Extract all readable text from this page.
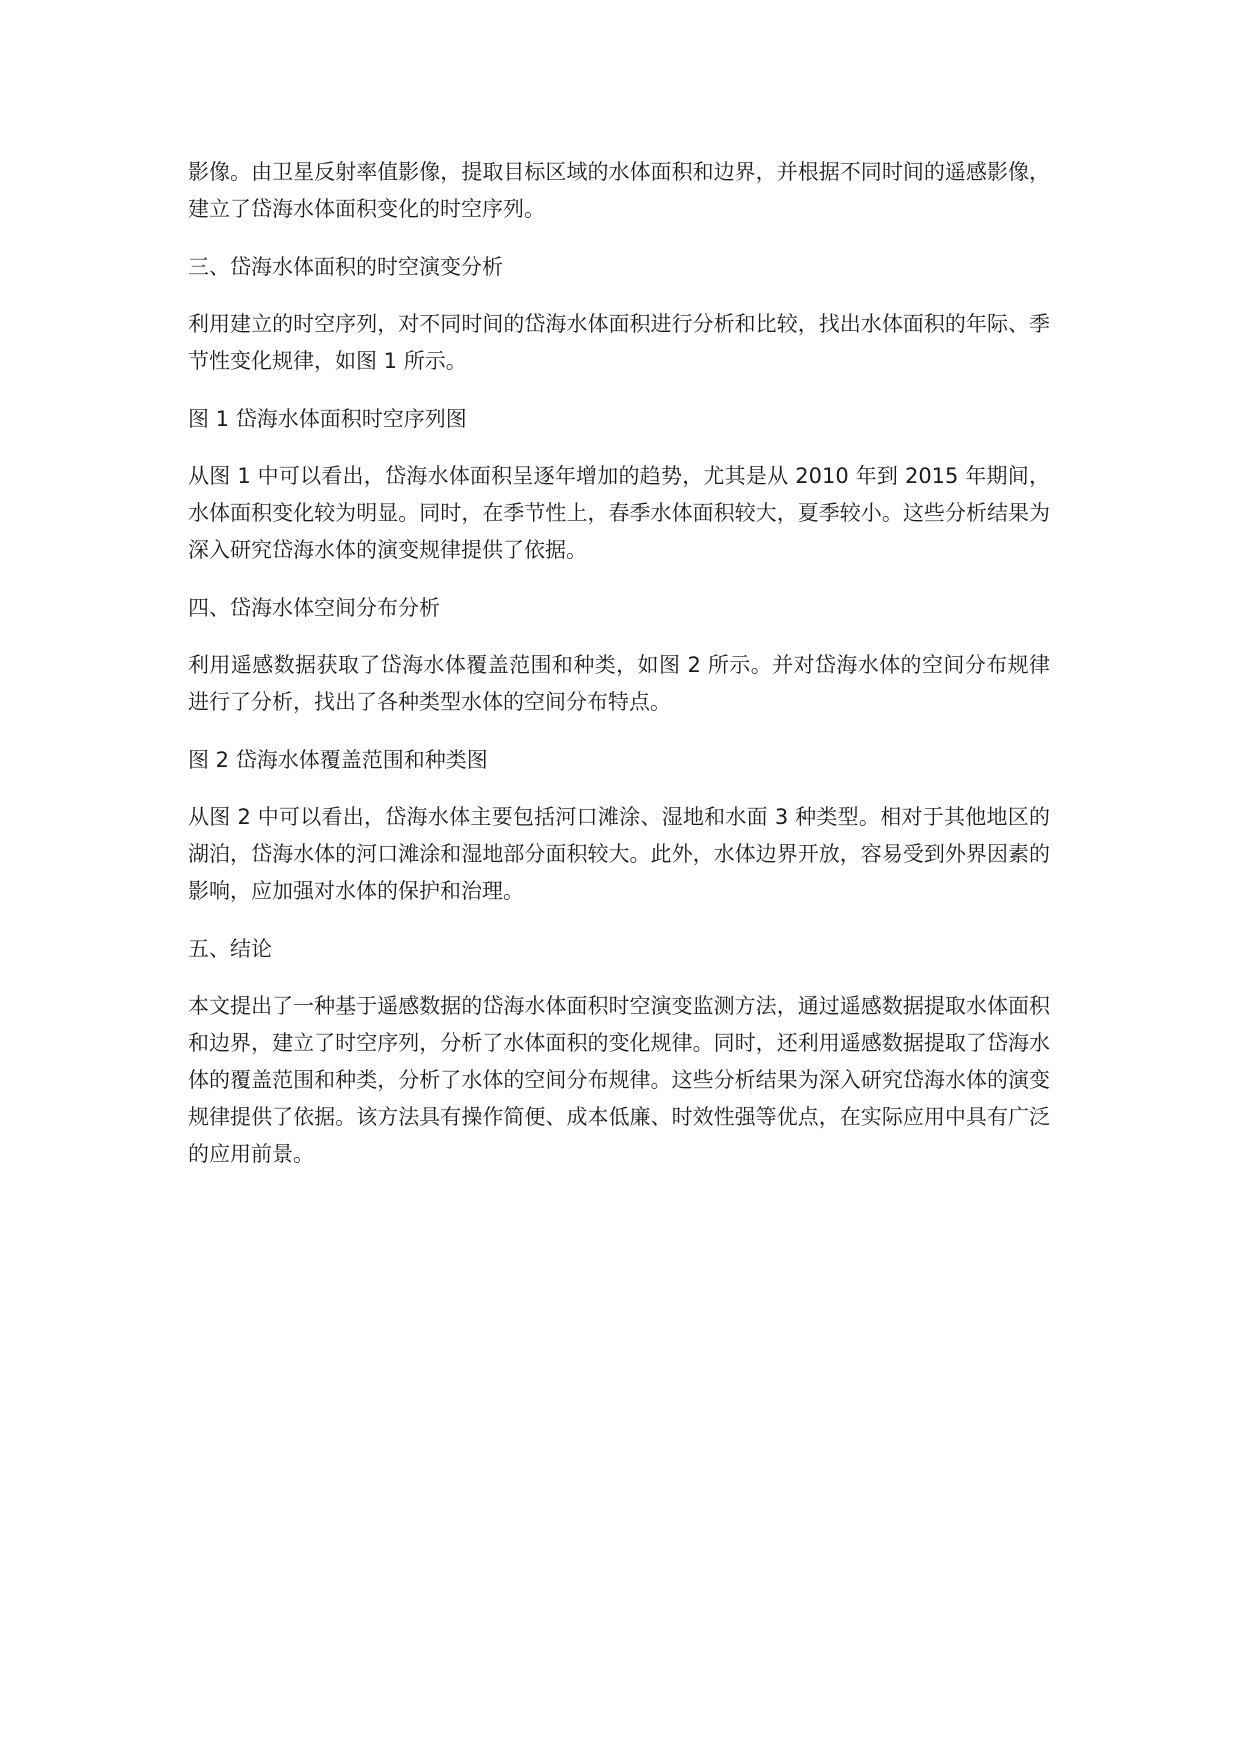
影像。由卫星反射率值影像，提取目标区域的水体面积和边界，并根据不同时间的遥感影像，建立了岱海水体面积变化的时空序列。

三、岱海水体面积的时空演变分析

利用建立的时空序列，对不同时间的岱海水体面积进行分析和比较，找出水体面积的年际、季节性变化规律，如图 1 所示。

图 1 岱海水体面积时空序列图

从图 1 中可以看出，岱海水体面积呈逐年增加的趋势，尤其是从 2010 年到 2015 年期间，水体面积变化较为明显。同时，在季节性上，春季水体面积较大，夏季较小。这些分析结果为深入研究岱海水体的演变规律提供了依据。

四、岱海水体空间分布分析

利用遥感数据获取了岱海水体覆盖范围和种类，如图 2 所示。并对岱海水体的空间分布规律进行了分析，找出了各种类型水体的空间分布特点。

图 2 岱海水体覆盖范围和种类图

从图 2 中可以看出，岱海水体主要包括河口滩涂、湿地和水面 3 种类型。相对于其他地区的湖泊，岱海水体的河口滩涂和湿地部分面积较大。此外，水体边界开放，容易受到外界因素的影响，应加强对水体的保护和治理。

五、结论

本文提出了一种基于遥感数据的岱海水体面积时空演变监测方法，通过遥感数据提取水体面积和边界，建立了时空序列，分析了水体面积的变化规律。同时，还利用遥感数据提取了岱海水体的覆盖范围和种类，分析了水体的空间分布规律。这些分析结果为深入研究岱海水体的演变规律提供了依据。该方法具有操作简便、成本低廉、时效性强等优点，在实际应用中具有广泛的应用前景。
